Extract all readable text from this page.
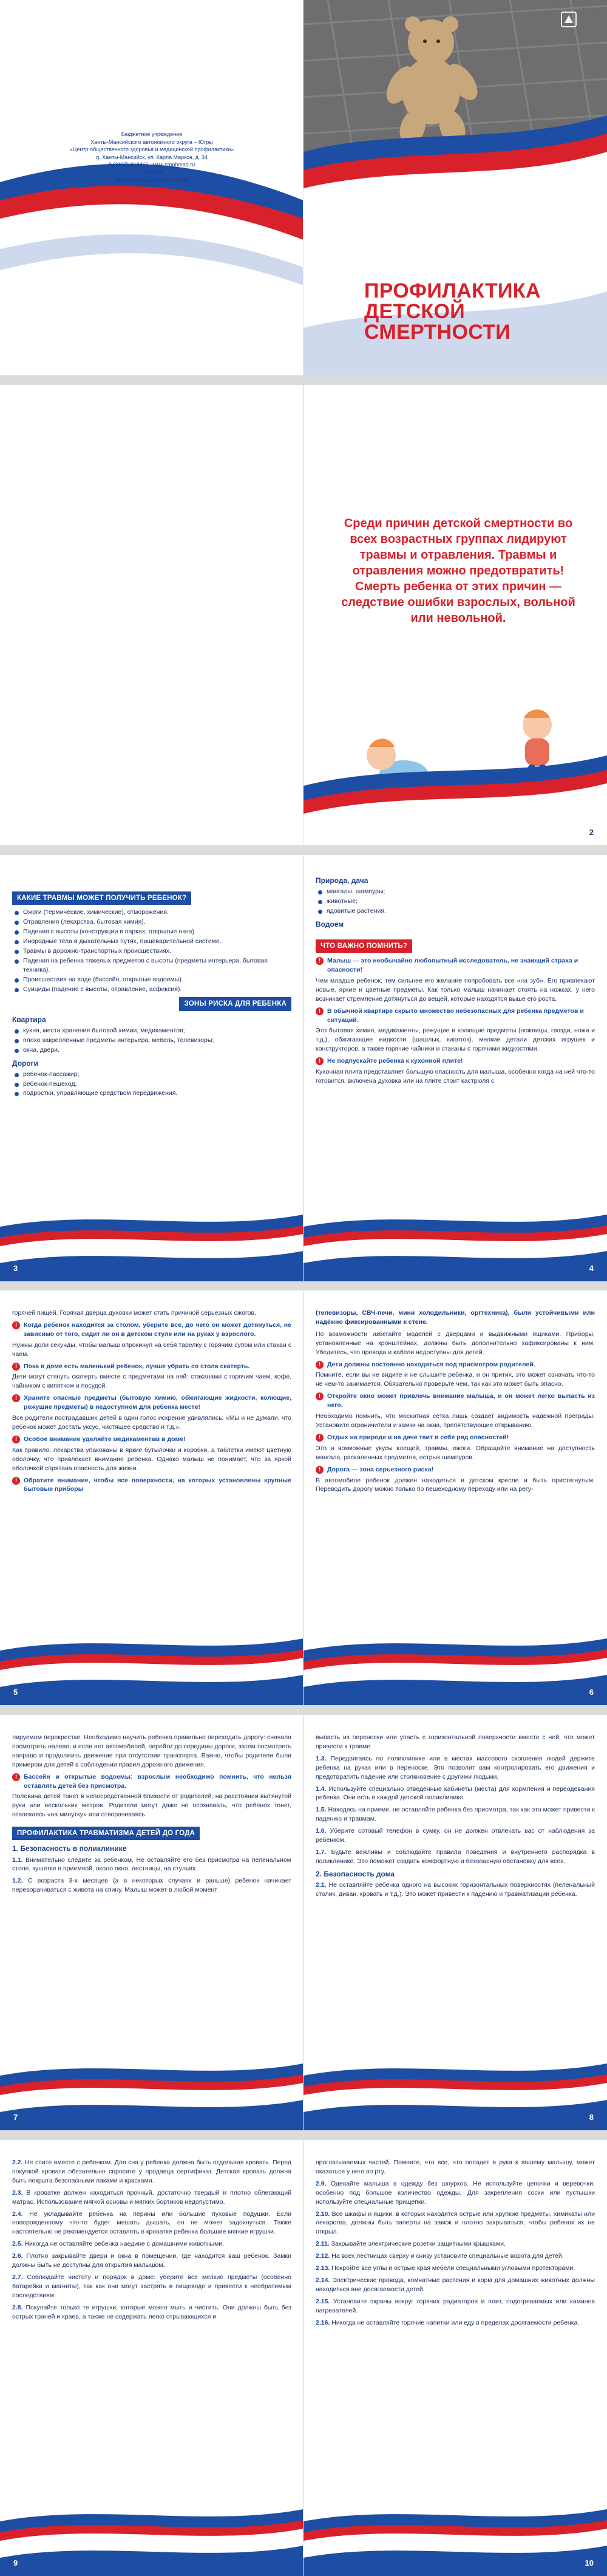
Бюджетное учреждение
Ханты-Мансийского автономного округа – Югры
«Центр общественного здоровья и медицинской профилактики»
g. Ханты-Мансийск, ул. Карла Маркса, д. 34
8 (3467) 318466, www.cmphmao.ru
2022 год
Распространяется бесплатно
ПРОФИЛАКТИКА
ДЕТСКОЙ
СМЕРТНОСТИ
Среди причин детской смертности во всех возрастных группах лидируют травмы и отравления. Травмы и отравления можно предотвратить! Смерть ребенка от этих причин — следствие ошибки взрослых, вольной или невольной.
2
КАКИЕ ТРАВМЫ МОЖЕТ ПОЛУЧИТЬ РЕБЕНОК?
Ожоги (термические, химические), отморожения.
Отравления (лекарства, бытовая химия).
Падения с высоты (конструкции в парках, открытые окна).
Инородные тела в дыхательных путях, пищеварительной системе.
Травмы в дорожно-транспортных происшествиях.
Падения на ребенка тяжелых предметов с высоты (предметы интерьера, бытовая техника).
Происшествия на воде (бассейн, открытые водоемы).
Суициды (падение с высоты, отравление, асфиксия).
ЗОНЫ РИСКА ДЛЯ РЕБЕНКА
Квартира
кухня, места хранения бытовой химии, медикаментов;
плохо закрепленные предметы интерьера, мебель, телевизоры;
окна, двери.
Дороги
ребенок-пассажир;
ребенок-пешеход;
подростки, управляющие средством передвижения.
3
Природа, дача
мангалы, шампуры;
животные;
ядовитые растения.
Водоем
ЧТО ВАЖНО ПОМНИТЬ?
!	Малыш — это необычайно любопытный исследователь, не знающий страха и опасности!
Чем младше ребенок, тем сильнее его желание попробовать все «на зуб». Его привлекают новые, яркие и цветные предметы. Как только малыш начинает стоять на ножках, у него возникает стремление дотянуться до вещей, которые находятся выше его роста.
!	В обычной квартире скрыто множество небезопасных для ребенка предметов и ситуаций.
Это бытовая химия, медикаменты, режущие и колющие предметы (ножницы, гвозди, ножи и т.д.), обжигающие жидкости (шашлык, кипяток), мелкие детали детских игрушек и конструкторов, а также горячие чайники и стаканы с горячими жидкостями.
!	Не подпускайте ребенка к кухонной плите!
Кухонная плита представляет большую опасность для малыша, особенно когда на ней что-то готовится, включена духовка или на плите стоит кастрюля с
4
горячей пищей. Горячая дверца духовки может стать причиной серьезных ожогов.
!	Когда ребенок находится за столом, уберите все, до чего он может дотянуться, не зависимо от того, сидит ли он в детском стуле или на руках у взрослого.
Нужны доли секунды, чтобы малыш опрокинул на себя тарелку с горячим супом или стакан с чаем.
!	Пока в доме есть маленький ребенок, лучше убрать со стола скатерть.
Дети могут стянуть скатерть вместе с предметами на ней: стаканами с горячим чаем, кофе, чайником с кипятком и посудой.
!	Храните опасные предметы (бытовую химию, обжигающие жидкости, колющие, режущие предметы) в недоступном для ребенка месте!
Все родители пострадавших детей в один голос искренне удивлялись: «Мы и не думали, что ребенок может достать уксус, чистящее средство и т.д.».
!	Особое внимание уделяйте медикаментам в доме!
Как правило, лекарства упакованы в яркие бутылочки и коробки, а таблетки имеют цветную оболочку, что привлекает внимание ребенка. Однако малыш не понимает, что за яркой оболочкой спрятана опасность для жизни.
!	Обратите внимание, чтобы все поверхности, на которых установлены крупные бытовые приборы
5
(телевизоры, СВЧ-печи, мини холодильники, оргтехника), были устойчивыми или надёжно фиксированными к стене.
По возможности избегайте моделей с дверцами и выдвижными ящиками. Приборы, установленные на кронштейнах, должны быть дополнительно зафиксированы к ним. Убедитесь, что провода и кабели недоступны для детей.
!	Дети должны постоянно находиться под присмотром родителей.
Помните, если вы не видите и не слышите ребенка, и он притих, это может означать что-то не чем-то занимается. Обязательно проверьте чем, так как это может быть опасно.
!	Откройте окно может привлечь внимание малыша, и он может легко выпасть из него.
Необходимо помнить, что москитная сетка лишь создает видимость надежной преграды. Установите ограничители и замки на окна, препятствующие открыванию.
!	Отдых на природе и на даче таит в себе ряд опасностей!
Это и возможные укусы клещей, травмы, ожоги. Обращайте внимание на доступность мангала, раскаленных предметов, острых шампуров.
!	Дорога — зона серьезного риска!
В автомобиле ребенок должен находиться в детском кресле и быть пристегнутым. Переводить дорогу можно только по пешеходному переходу или на регу-
6
лируемом перекрестке. Необходимо научить ребенка правильно переходить дорогу: сначала посмотреть налево, и если нет автомобилей, перейти до середины дороги, затем посмотреть направо и продолжить движение при отсутствии транспорта. Важно, чтобы родители были примером для детей в соблюдении правил дорожного движения.
!	Бассейн и открытые водоемы: взрослым необходимо помнить, что нельзя оставлять детей без присмотра.
Половина детей тонет в непосредственной близости от родителей, на расстоянии вытянутой руки или нескольких метров. Родители могут даже не осознавать, что ребенок тонет, отвлекаясь «на минутку» или отворачиваясь.
ПРОФИЛАКТИКА ТРАВМАТИЗМА ДЕТЕЙ ДО ГОДА
1. Безопасность в поликлинике
1.1. Внимательно следите за ребенком. Не оставляйте его без присмотра на пеленальном столе, кушетке в приемной, около окна, лестницы, на стульях.
1.2. С возраста 3-х месяцев (а в некоторых случаях и раньше) ребенок начинает переворачиваться с живота на спину. Малыш может в любой момент
7
выпасть из переноски или упасть с горизонтальной поверхности вместе с ней, что может привести к травме.
1.3. Передвигаясь по поликлинике или в местах массового скопления людей держите ребенка на руках или в переноске. Это позволит вам контролировать его движения и предотвратить падение или столкновение с другими людьми.
1.4. Используйте специально отведенные кабинеты (места) для кормления и переодевания ребенка. Они есть в каждой детской поликлинике.
1.5. Находясь на приеме, не оставляйте ребенка без присмотра, так как это может привести к падению и травмам.
1.6. Уберите сотовый телефон в сумку, он не должен отвлекать вас от наблюдения за ребенком.
1.7. Будьте вежливы и соблюдайте правила поведения и внутреннего распорядка в поликлинике. Это поможет создать комфортную и безопасную обстановку для всех.
2. Безопасность дома
2.1. Не оставляйте ребенка одного на высоких горизонтальных поверхностях (пеленальный столик, диван, кровать и т.д.). Это может привести к падению и травматизации ребенка.
8
2.2. Не спите вместе с ребенком. Для сна у ребенка должна быть отдельная кровать. Перед покупкой кровати обязательно спросите у продавца сертификат. Детская кровать должна быть покрыта безопасными лаками и красками.
2.3. В кроватке должен находиться прочный, достаточно твердый и плотно облегающий матрас. Использование мягкой основы и мягких бортиков недопустимо.
2.4. Не укладывайте ребенка на перины или большие пуховые подушки. Если новорожденному что-то будет мешать дышать, он не может задохнуться. Также настоятельно не рекомендуется оставлять в кроватке ребенка большие мягкие игрушки.
2.5. Никогда не оставляйте ребенка наедине с домашними животными.
2.6. Плотно закрывайте двери и окна в помещении, где находится ваш ребенок. Замки должны быть не доступны для открытия малышом.
2.7. Соблюдайте чистоту и порядок в доме: уберите все мелкие предметы (особенно батарейки и магниты), так как они могут застрять в пищеводе и привести к необратимым последствиям.
2.8. Покупайте только те игрушки, которые можно мыть и чистить. Они должны быть без острых граней и краев, а также не содержать легко отрывающихся и
9
проглатываемых частей. Помните, что все, что попадет в руки к вашему малышу, может оказаться у него во рту.
2.9. Одевайте малыша в одежду без шнурков. Не используйте цепочки и веревочки, особенно под большое количество одежды. Для закрепления соски или пустышки используйте специальные прищепки.
2.10. Все шкафы и ящики, в которых находятся острые или хрупкие предметы, химикаты или лекарства, должны быть заперты на замок и плотно закрываться, чтобы ребенок их не открыл.
2.11. Закрывайте электрические розетки защитными крышками.
2.12. На всех лестницах сверху и снизу установите специальные ворота для детей.
2.13. Покройте все углы и острые края мебели специальными угловыми протекторами.
2.14. Электрические провода, комнатные растения и корм для домашних животных должны находиться вне досягаемости детей.
2.15. Установите экраны вокруг горячих радиаторов и плит, подогреваемых или каминов нагревателей.
2.16. Никогда не оставляйте горячие напитки или еду в пределах досягаемости ребенка.
10
